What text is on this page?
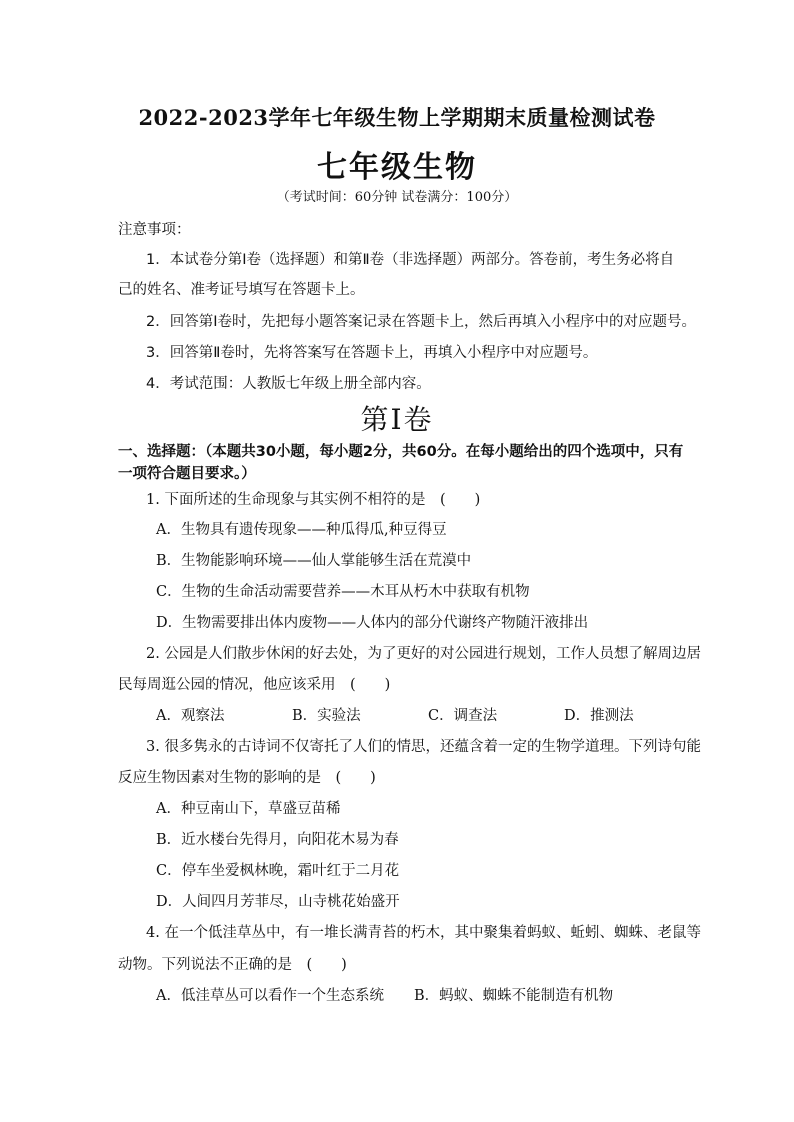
2022-2023学年七年级生物上学期期末质量检测试卷
七年级生物
（考试时间：60分钟 试卷满分：100分）
注意事项：
1．本试卷分第Ⅰ卷（选择题）和第Ⅱ卷（非选择题）两部分。答卷前，考生务必将自
己的姓名、准考证号填写在答题卡上。
2．回答第Ⅰ卷时，先把每小题答案记录在答题卡上，然后再填入小程序中的对应题号。
3．回答第Ⅱ卷时，先将答案写在答题卡上，再填入小程序中对应题号。
4．考试范围：人教版七年级上册全部内容。
第Ⅰ卷
一、选择题：（本题共30小题，每小题2分，共60分。在每小题给出的四个选项中，只有
一项符合题目要求。）
1. 下面所述的生命现象与其实例不相符的是　(　　)
A．生物具有遗传现象——种瓜得瓜,种豆得豆
B．生物能影响环境——仙人掌能够生活在荒漠中
C．生物的生命活动需要营养——木耳从朽木中获取有机物
D．生物需要排出体内废物——人体内的部分代谢终产物随汗液排出
2. 公园是人们散步休闲的好去处，为了更好的对公园进行规划，工作人员想了解周边居
民每周逛公园的情况，他应该采用　(　　)
A．观察法	B．实验法	C．调查法	D．推测法
3. 很多隽永的古诗词不仅寄托了人们的情思，还蕴含着一定的生物学道理。下列诗句能
反应生物因素对生物的影响的是　(　　)
A．种豆南山下，草盛豆苗稀
B．近水楼台先得月，向阳花木易为春
C．停车坐爱枫林晚，霜叶红于二月花
D．人间四月芳菲尽，山寺桃花始盛开
4. 在一个低洼草丛中，有一堆长满青苔的朽木，其中聚集着蚂蚁、蚯蚓、蜘蛛、老鼠等
动物。下列说法不正确的是　(　　)
A．低洼草丛可以看作一个生态系统 B．蚂蚁、蜘蛛不能制造有机物
